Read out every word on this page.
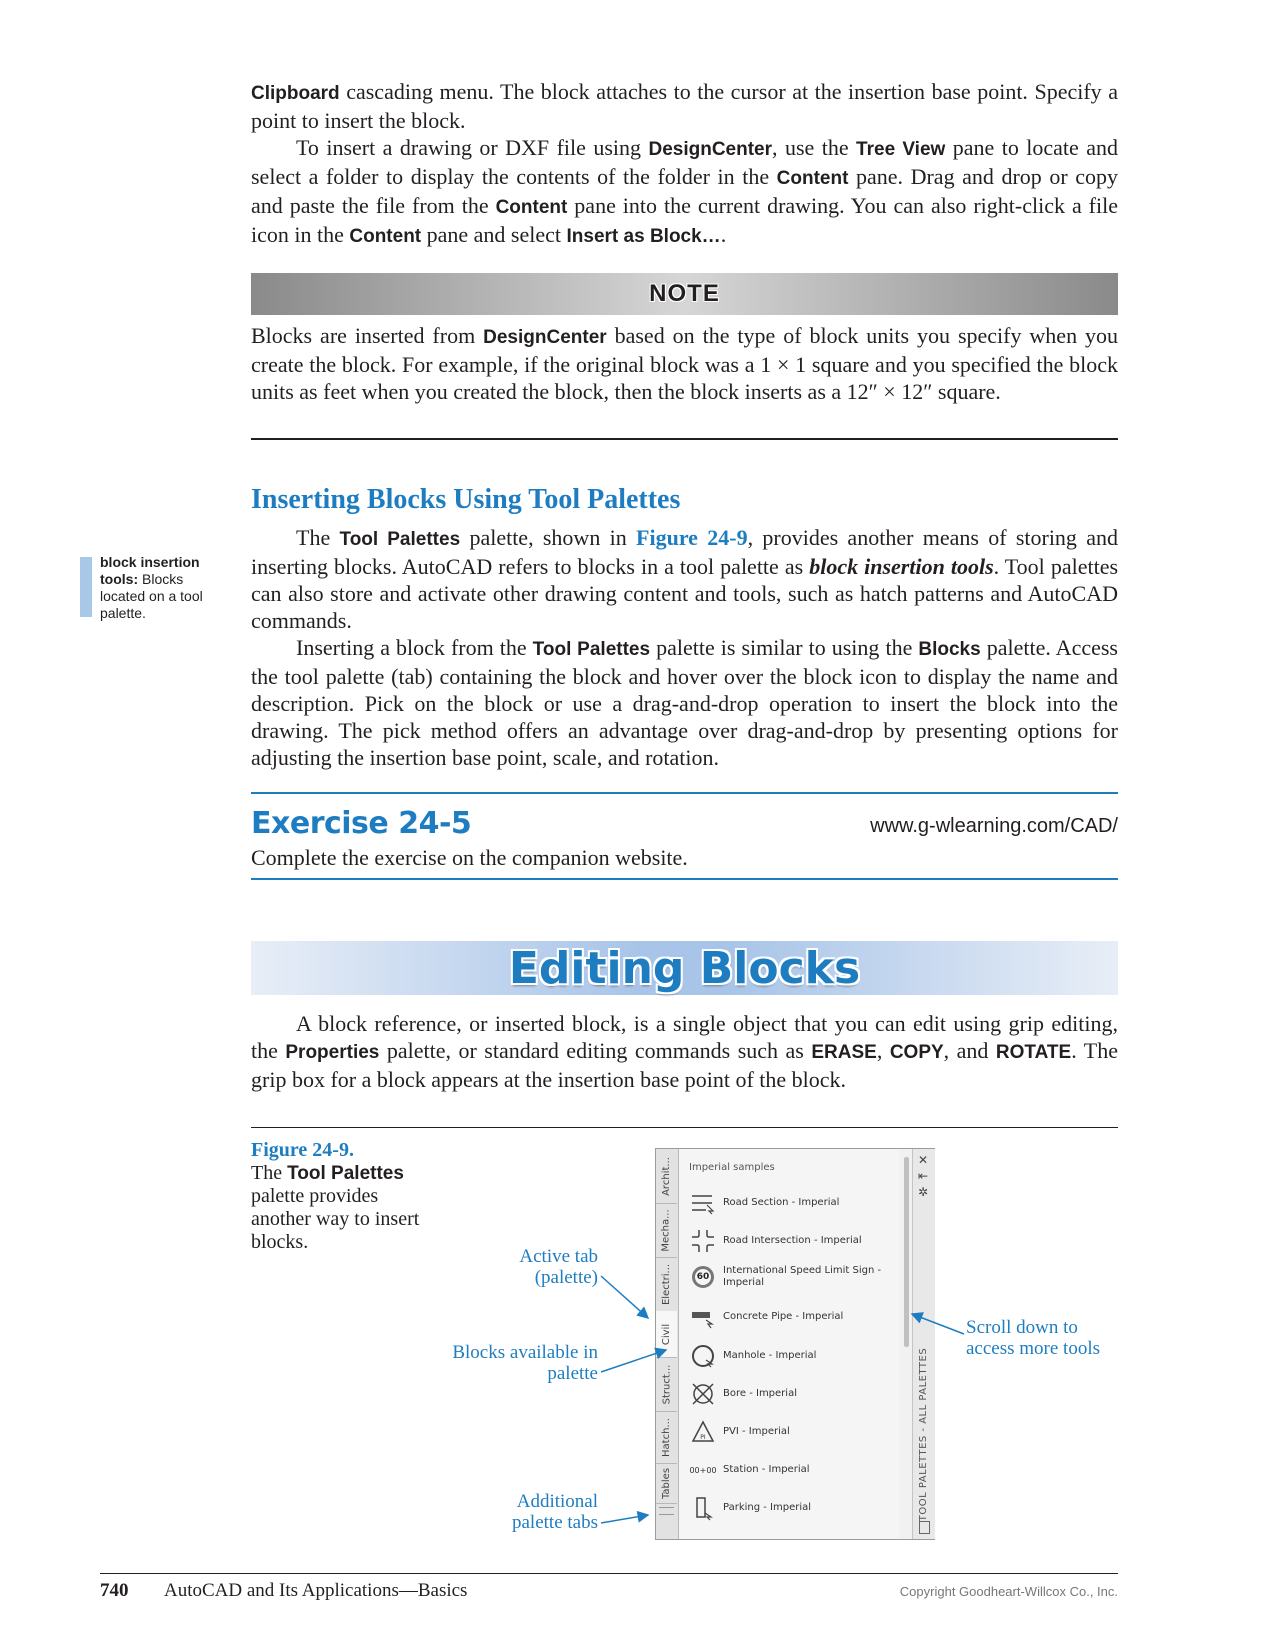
Clipboard cascading menu. The block attaches to the cursor at the insertion base point. Specify a point to insert the block.

To insert a drawing or DXF file using DesignCenter, use the Tree View pane to locate and select a folder to display the contents of the folder in the Content pane. Drag and drop or copy and paste the file from the Content pane into the current drawing. You can also right-click a file icon in the Content pane and select Insert as Block….

NOTE

Blocks are inserted from DesignCenter based on the type of block units you specify when you create the block. For example, if the original block was a 1 × 1 square and you specified the block units as feet when you created the block, then the block inserts as a 12″ × 12″ square.

Inserting Blocks Using Tool Palettes

The Tool Palettes palette, shown in Figure 24-9, provides another means of storing and inserting blocks. AutoCAD refers to blocks in a tool palette as block insertion tools. Tool palettes can also store and activate other drawing content and tools, such as hatch patterns and AutoCAD commands.

Inserting a block from the Tool Palettes palette is similar to using the Blocks palette. Access the tool palette (tab) containing the block and hover over the block icon to display the name and description. Pick on the block or use a drag-and-drop operation to insert the block into the drawing. The pick method offers an advantage over drag-and-drop by presenting options for adjusting the insertion base point, scale, and rotation.

block insertion tools: Blocks located on a tool palette.
Exercise 24-5	www.g-wlearning.com/CAD/
Complete the exercise on the companion website.
Editing Blocks

A block reference, or inserted block, is a single object that you can edit using grip editing, the Properties palette, or standard editing commands such as ERASE, COPY, and ROTATE. The grip box for a block appears at the insertion base point of the block.

Figure 24-9.
The Tool Palettes palette provides another way to insert blocks.
Active tab (palette)
Blocks available in palette
Additional palette tabs
Scroll down to access more tools
Archit...
Mecha...
Electri...
Civil
Struct...
Hatch...
Tables
Imperial samples
Road Section - Imperial
Road Intersection - Imperial
60
International Speed Limit Sign - Imperial
Concrete Pipe - Imperial
Manhole - Imperial
Bore - Imperial
PI PVI - Imperial
00+00 Station - Imperial
Parking - Imperial
✕
⇤
✲
TOOL PALETTES - ALL PALETTES
740 AutoCAD and Its Applications—Basics	Copyright Goodheart-Willcox Co., Inc.
